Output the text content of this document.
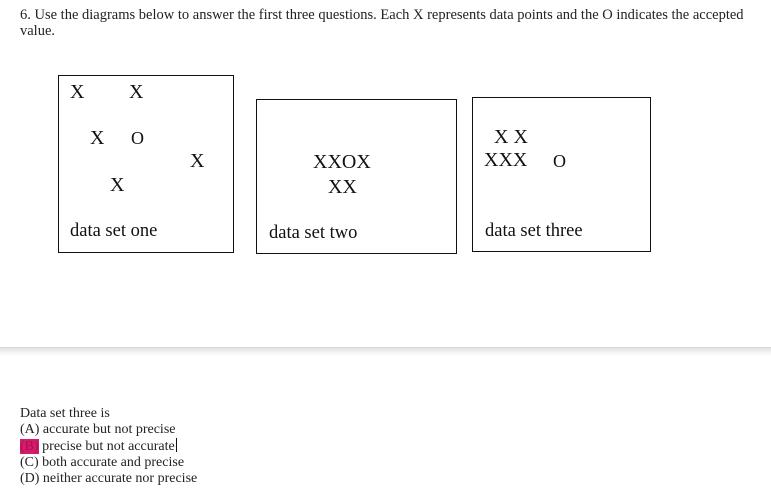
6. Use the diagrams below to answer the first three questions. Each X represents data points and the O indicates the accepted value.
X X
X O
X
X
data set one
XXOX
XX
data set two
X X
XXX O
data set three
Data set three is
(A) accurate but not precise
(B) precise but not accurate
(C) both accurate and precise
(D) neither accurate nor precise
